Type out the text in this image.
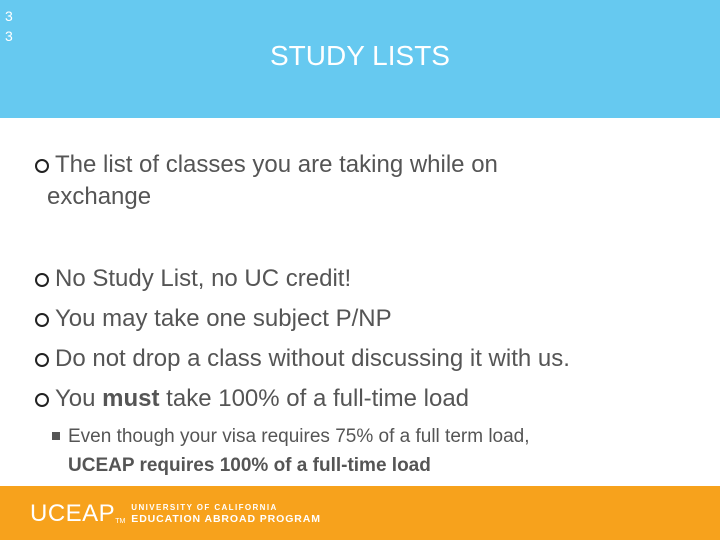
3
3
STUDY LISTS
The list of classes you are taking while on
exchange
No Study List, no UC credit!
You may take one subject P/NP
Do not drop a class without discussing it with us.
You must take 100% of a full-time load
Even though your visa requires 75% of a full term load,
UCEAP requires 100% of a full-time load
UCEAP TM
UNIVERSITY OF CALIFORNIA
EDUCATION ABROAD PROGRAM
